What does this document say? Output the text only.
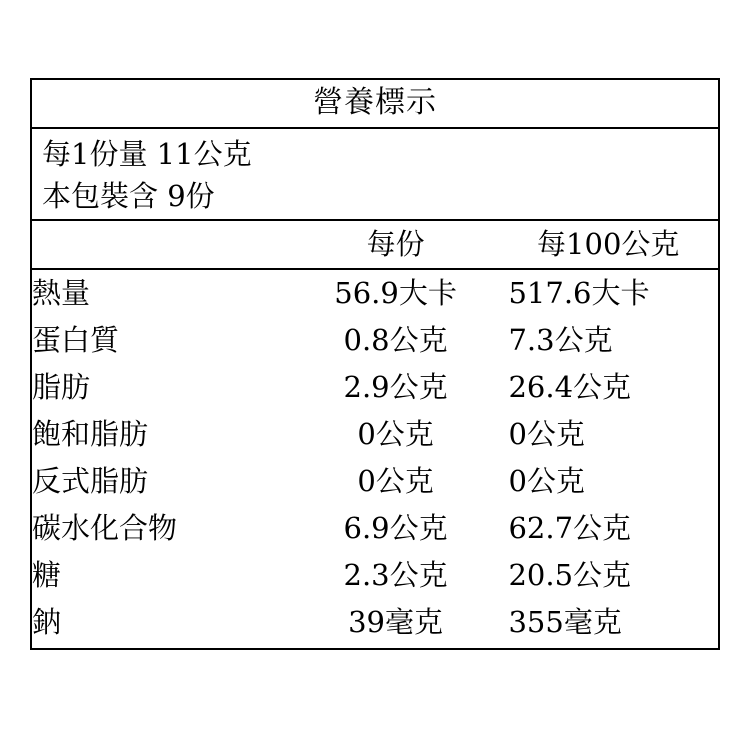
營養標示
每1份量 11公克
本包裝含 9份
	每份	每100公克
熱量	56.9大卡	517.6大卡
蛋白質	0.8公克	7.3公克
脂肪	2.9公克	26.4公克
飽和脂肪	0公克	0公克
反式脂肪	0公克	0公克
碳水化合物	6.9公克	62.7公克
糖	2.3公克	20.5公克
鈉	39毫克	355毫克
